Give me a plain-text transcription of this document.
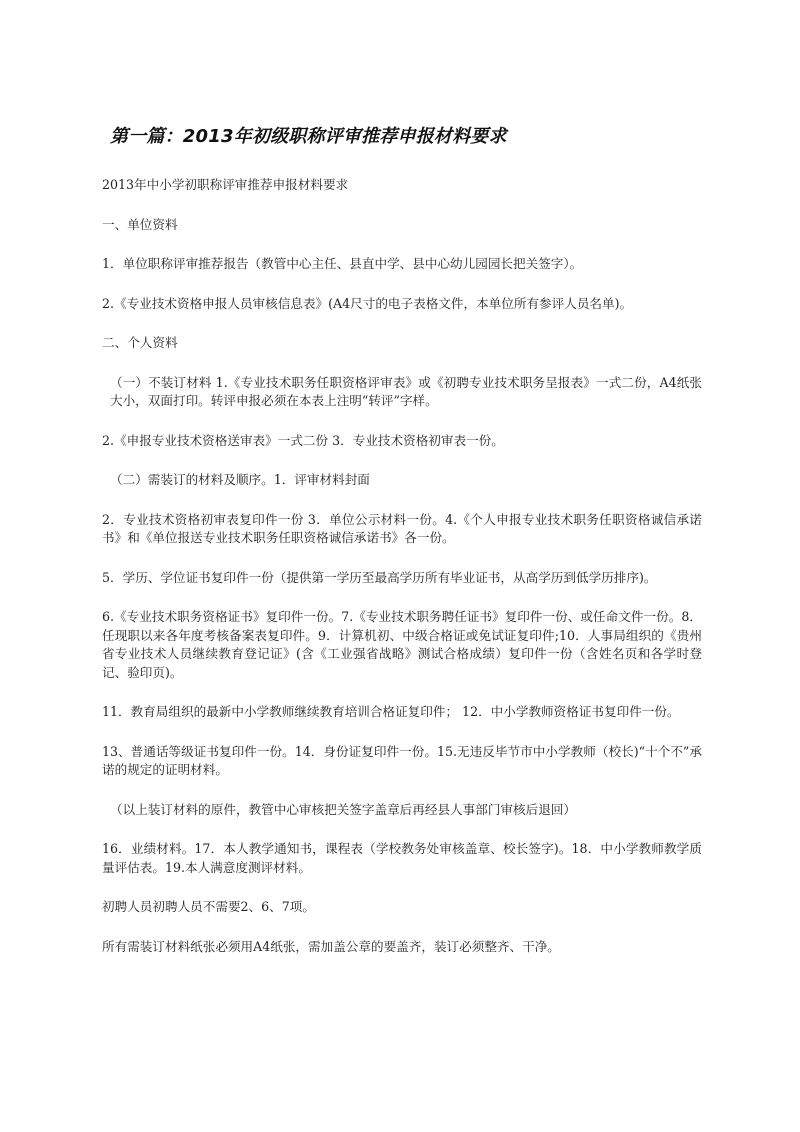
第一篇：2013年初级职称评审推荐申报材料要求

2013年中小学初职称评审推荐申报材料要求

一、单位资料

1．单位职称评审推荐报告（教管中心主任、县直中学、县中心幼儿园园长把关签字）。

2.《专业技术资格申报人员审核信息表》(A4尺寸的电子表格文件，本单位所有参评人员名单)。

二、个人资料

（一）不装订材料 1.《专业技术职务任职资格评审表》或《初聘专业技术职务呈报表》一式二份，A4纸张大小，双面打印。转评申报必须在本表上注明“转评”字样。

2.《申报专业技术资格送审表》一式二份 3．专业技术资格初审表一份。

（二）需装订的材料及顺序。1．评审材料封面

2．专业技术资格初审表复印件一份 3．单位公示材料一份。4.《个人申报专业技术职务任职资格诚信承诺书》和《单位报送专业技术职务任职资格诚信承诺书》各一份。

5．学历、学位证书复印件一份（提供第一学历至最高学历所有毕业证书，从高学历到低学历排序)。

6.《专业技术职务资格证书》复印件一份。7.《专业技术职务聘任证书》复印件一份、或任命文件一份。8．任现职以来各年度考核备案表复印件。9．计算机初、中级合格证或免试证复印件;10．人事局组织的《贵州省专业技术人员继续教育登记证》(含《工业强省战略》测试合格成绩）复印件一份（含姓名页和各学时登记、验印页)。

11．教育局组织的最新中小学教师继续教育培训合格证复印件； 12．中小学教师资格证书复印件一份。

13、普通话等级证书复印件一份。14．身份证复印件一份。15.无违反毕节市中小学教师（校长)“十个不”承诺的规定的证明材料。

（以上装订材料的原件，教管中心审核把关签字盖章后再经县人事部门审核后退回）

16．业绩材料。17．本人教学通知书，课程表（学校教务处审核盖章、校长签字)。18．中小学教师教学质量评估表。19.本人满意度测评材料。

初聘人员初聘人员不需要2、6、7项。

所有需装订材料纸张必须用A4纸张，需加盖公章的要盖齐，装订必须整齐、干净。
